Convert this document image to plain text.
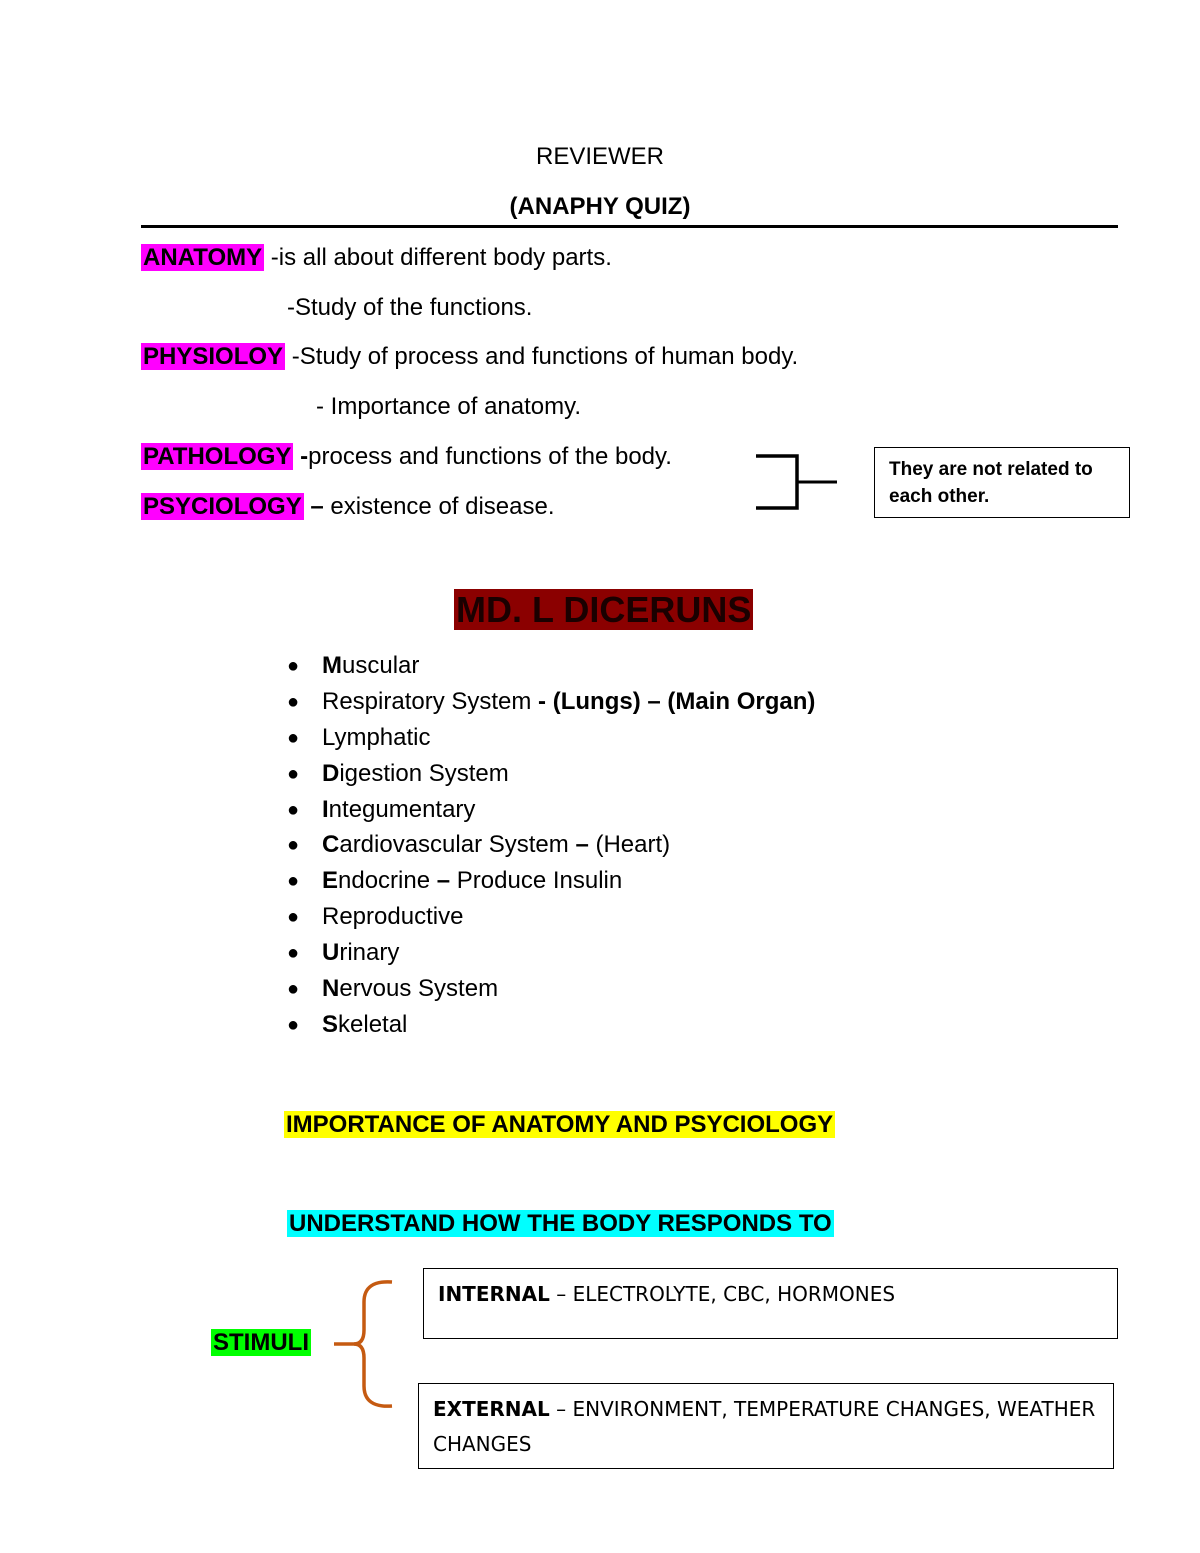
REVIEWER
(ANAPHY QUIZ)
ANATOMY -is all about different body parts.
-Study of the functions.
PHYSIOLOY -Study of process and functions of human body.
- Importance of anatomy.
PATHOLOGY -process and functions of the body.
PSYCIOLOGY – existence of disease.
They are not related to each other.
MD. L DICERUNS
● Muscular
● Respiratory System - (Lungs) – (Main Organ)
● Lymphatic
● Digestion System
● Integumentary
● Cardiovascular System – (Heart)
● Endocrine – Produce Insulin
● Reproductive
● Urinary
● Nervous System
● Skeletal
IMPORTANCE OF ANATOMY AND PSYCIOLOGY
UNDERSTAND HOW THE BODY RESPONDS TO
STIMULI
INTERNAL – ELECTROLYTE, CBC, HORMONES
EXTERNAL – ENVIRONMENT, TEMPERATURE CHANGES, WEATHER CHANGES
